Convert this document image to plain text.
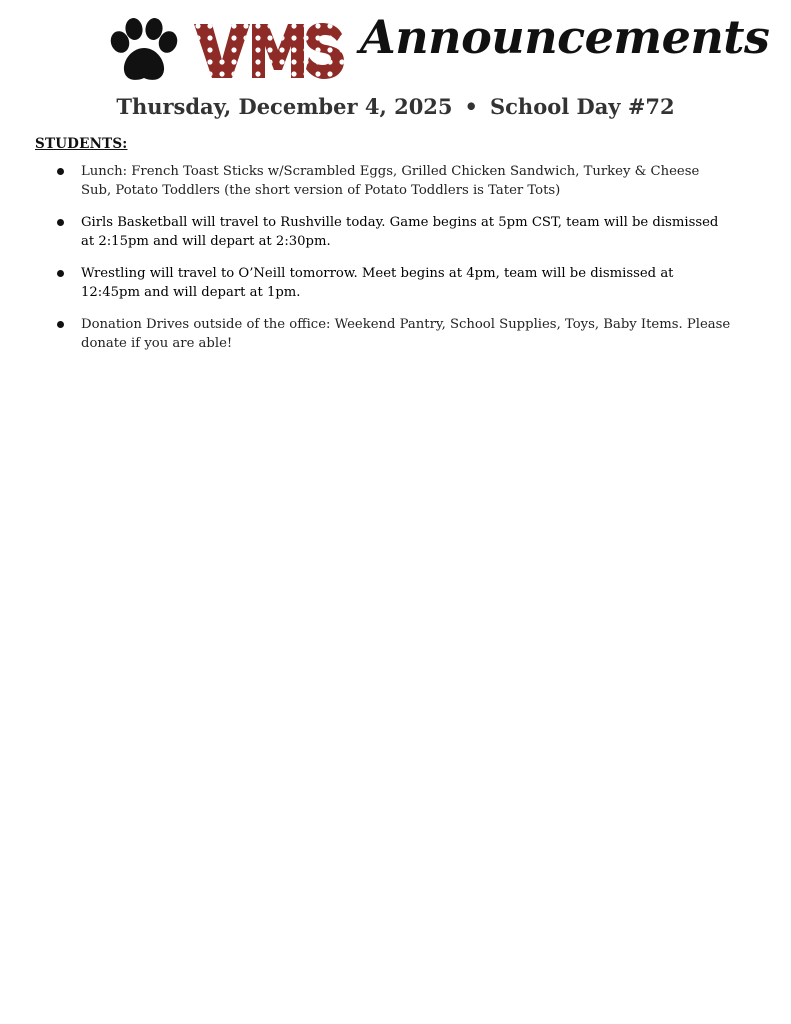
Announcements
Thursday, December 4, 2025 • School Day #72
STUDENTS:
Lunch: French Toast Sticks w/Scrambled Eggs, Grilled Chicken Sandwich, Turkey & Cheese Sub, Potato Toddlers (the short version of Potato Toddlers is Tater Tots)
Girls Basketball will travel to Rushville today. Game begins at 5pm CST, team will be dismissed at 2:15pm and will depart at 2:30pm.
Wrestling will travel to O’Neill tomorrow. Meet begins at 4pm, team will be dismissed at 12:45pm and will depart at 1pm.
Donation Drives outside of the office: Weekend Pantry, School Supplies, Toys, Baby Items. Please donate if you are able!
